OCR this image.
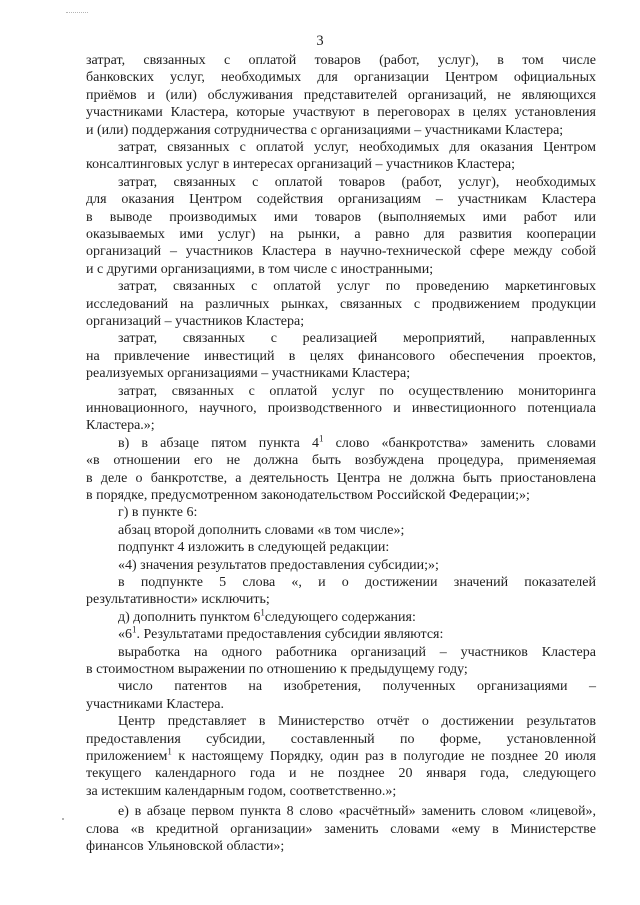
3
затрат, связанных с оплатой товаров (работ, услуг), в том числе
банковских услуг, необходимых для организации Центром официальных
приёмов и (или) обслуживания представителей организаций, не являющихся
участниками Кластера, которые участвуют в переговорах в целях установления
и (или) поддержания сотрудничества с организациями – участниками Кластера;
затрат, связанных с оплатой услуг, необходимых для оказания Центром
консалтинговых услуг в интересах организаций – участников Кластера;
затрат, связанных с оплатой товаров (работ, услуг), необходимых
для оказания Центром содействия организациям – участникам Кластера
в выводе производимых ими товаров (выполняемых ими работ или
оказываемых ими услуг) на рынки, а равно для развития кооперации
организаций – участников Кластера в научно-технической сфере между собой
и с другими организациями, в том числе с иностранными;
затрат, связанных с оплатой услуг по проведению маркетинговых
исследований на различных рынках, связанных с продвижением продукции
организаций – участников Кластера;
затрат, связанных с реализацией мероприятий, направленных
на привлечение инвестиций в целях финансового обеспечения проектов,
реализуемых организациями – участниками Кластера;
затрат, связанных с оплатой услуг по осуществлению мониторинга
инновационного, научного, производственного и инвестиционного потенциала
Кластера.»;
в) в абзаце пятом пункта $4^1$ слово «банкротства» заменить словами
«в отношении его не должна быть возбуждена процедура, применяемая
в деле о банкротстве, а деятельность Центра не должна быть приостановлена
в порядке, предусмотренном законодательством Российской Федерации;»;
г) в пункте 6:
абзац второй дополнить словами «в том числе»;
подпункт 4 изложить в следующей редакции:
«4) значения результатов предоставления субсидии;»;
в подпункте 5 слова «, и о достижении значений показателей
результативности» исключить;
д) дополнить пунктом $6^1следующего$ содержания:
«$6^1$. Результатами предоставления субсидии являются:
выработка на одного работника организаций – участников Кластера
в стоимостном выражении по отношению к предыдущему году;
число патентов на изобретения, полученных организациями –
участниками Кластера.
Центр представляет в Министерство отчёт о достижении результатов
предоставления субсидии, составленный по форме, установленной
приложением$^1$ к настоящему Порядку, один раз в полугодие не позднее 20 июля
текущего календарного года и не позднее 20 января года, следующего
за истекшим календарным годом, соответственно.»;
е) в абзаце первом пункта 8 слово «расчётный» заменить словом «лицевой»,
слова «в кредитной организации» заменить словами «ему в Министерстве
финансов Ульяновской области»;
